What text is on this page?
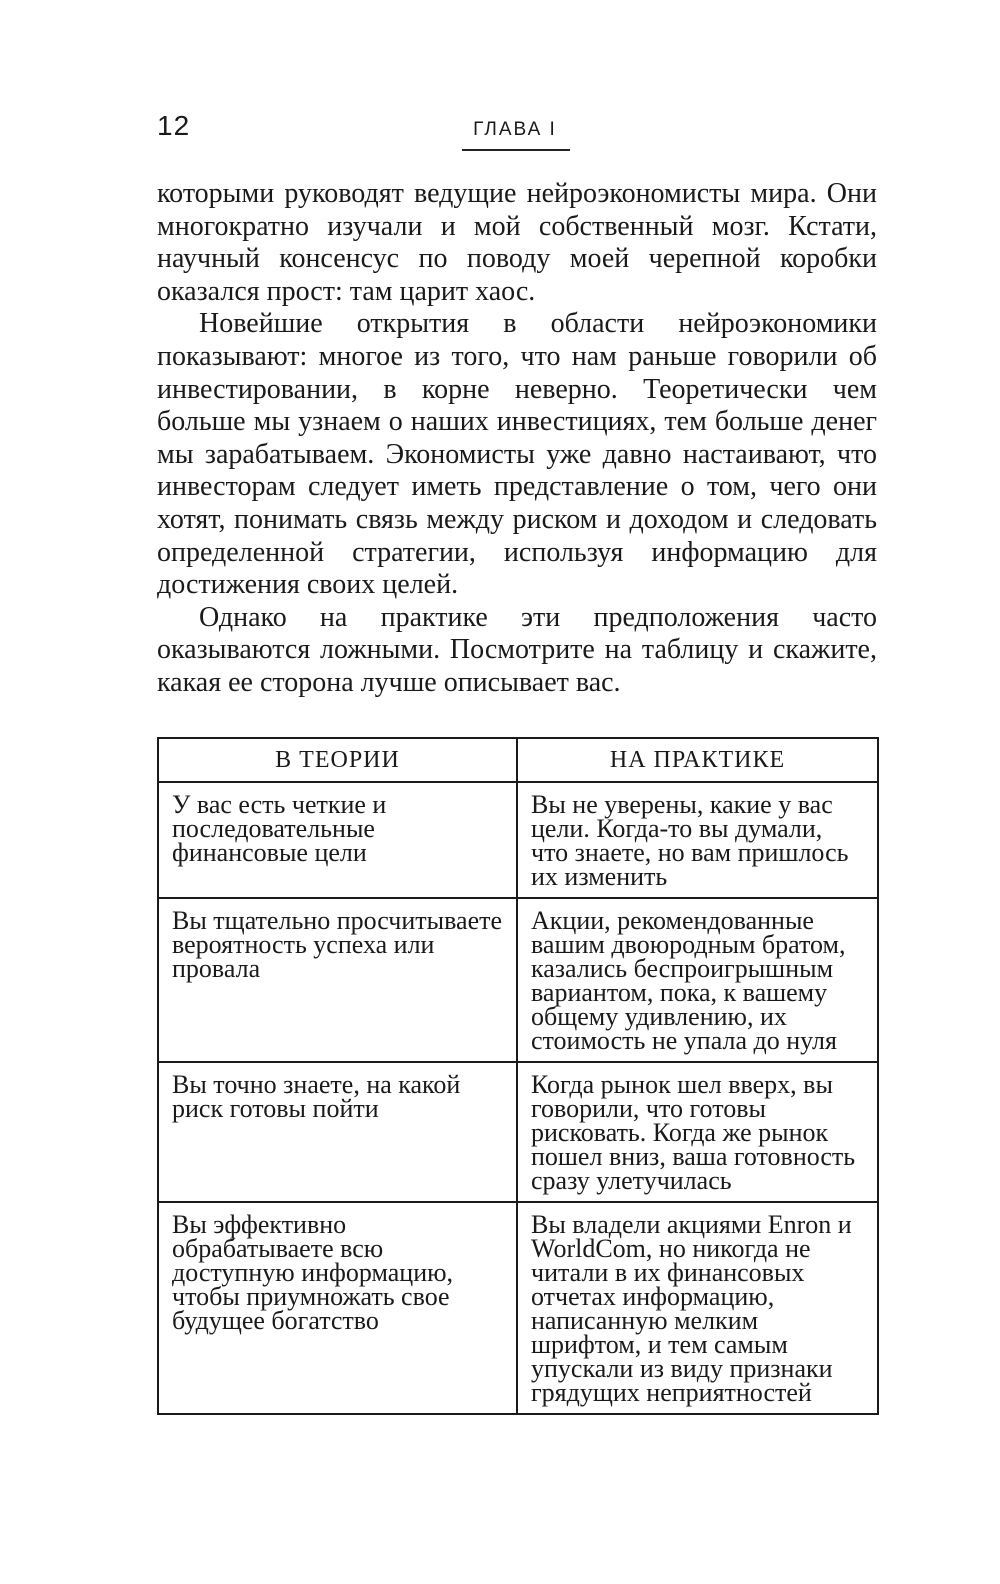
12	ГЛАВА I

которыми руководят ведущие нейроэкономисты мира. Они многократно изучали и мой собственный мозг. Кстати, научный консенсус по поводу моей черепной коробки оказался прост: там царит хаос.

Новейшие открытия в области нейроэкономики показывают: многое из того, что нам раньше говорили об инвестировании, в корне неверно. Теоретически чем больше мы узнаем о наших инвестициях, тем больше денег мы зарабатываем. Экономисты уже давно настаивают, что инвесторам следует иметь представление о том, чего они хотят, понимать связь между риском и доходом и следовать определенной стратегии, используя информацию для достижения своих целей.

Однако на практике эти предположения часто оказываются ложными. Посмотрите на таблицу и скажите, какая ее сторона лучше описывает вас.

В ТЕОРИИ	НА ПРАКТИКЕ
У вас есть четкие и последовательные финансовые цели	Вы не уверены, какие у вас цели. Когда-то вы думали, что знаете, но вам пришлось их изменить
Вы тщательно просчитываете вероятность успеха или провала	Акции, рекомендованные вашим двоюродным братом, казались беспроигрышным вариантом, пока, к вашему общему удивлению, их стоимость не упала до нуля
Вы точно знаете, на какой риск готовы пойти	Когда рынок шел вверх, вы говорили, что готовы рисковать. Когда же рынок пошел вниз, ваша готовность сразу улетучилась
Вы эффективно обрабатываете всю доступную информацию, чтобы приумножать свое будущее богатство	Вы владели акциями Enron и WorldCom, но никогда не читали в их финансовых отчетах информацию, написанную мелким шрифтом, и тем самым упускали из виду признаки грядущих неприятностей
